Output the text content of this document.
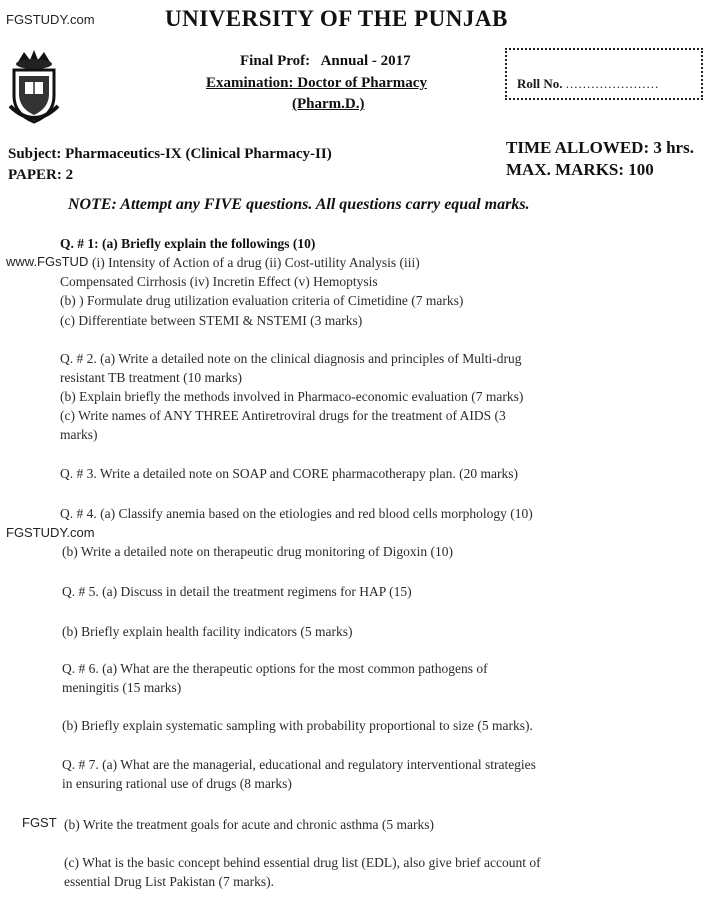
FGSTUDY.com
www.FGsTUD
FGSTUDY.com
FGST
UNIVERSITY OF THE PUNJAB
Final Prof: Annual - 2017
Examination: Doctor of Pharmacy
(Pharm.D.)
Roll No. ......................
Subject: Pharmaceutics-IX (Clinical Pharmacy-II)
PAPER: 2
TIME ALLOWED: 3 hrs.
MAX. MARKS: 100
NOTE: Attempt any FIVE questions. All questions carry equal marks.
Q. # 1: (a) Briefly explain the followings (10)
(i) Intensity of Action of a drug (ii) Cost-utility Analysis (iii)
Compensated Cirrhosis (iv) Incretin Effect (v) Hemoptysis
(b) ) Formulate drug utilization evaluation criteria of Cimetidine (7 marks)
(c) Differentiate between STEMI & NSTEMI (3 marks)
Q. # 2. (a) Write a detailed note on the clinical diagnosis and principles of Multi-drug
resistant TB treatment (10 marks)
(b) Explain briefly the methods involved in Pharmaco-economic evaluation (7 marks)
(c) Write names of ANY THREE Antiretroviral drugs for the treatment of AIDS (3
marks)
Q. # 3. Write a detailed note on SOAP and CORE pharmacotherapy plan. (20 marks)
Q. # 4. (a) Classify anemia based on the etiologies and red blood cells morphology (10)
(b) Write a detailed note on therapeutic drug monitoring of Digoxin (10)
Q. # 5. (a) Discuss in detail the treatment regimens for HAP (15)
(b) Briefly explain health facility indicators (5 marks)
Q. # 6. (a) What are the therapeutic options for the most common pathogens of
meningitis (15 marks)
(b) Briefly explain systematic sampling with probability proportional to size (5 marks).
Q. # 7. (a) What are the managerial, educational and regulatory interventional strategies
in ensuring rational use of drugs (8 marks)
(b) Write the treatment goals for acute and chronic asthma (5 marks)
(c) What is the basic concept behind essential drug list (EDL), also give brief account of
essential Drug List Pakistan (7 marks).
